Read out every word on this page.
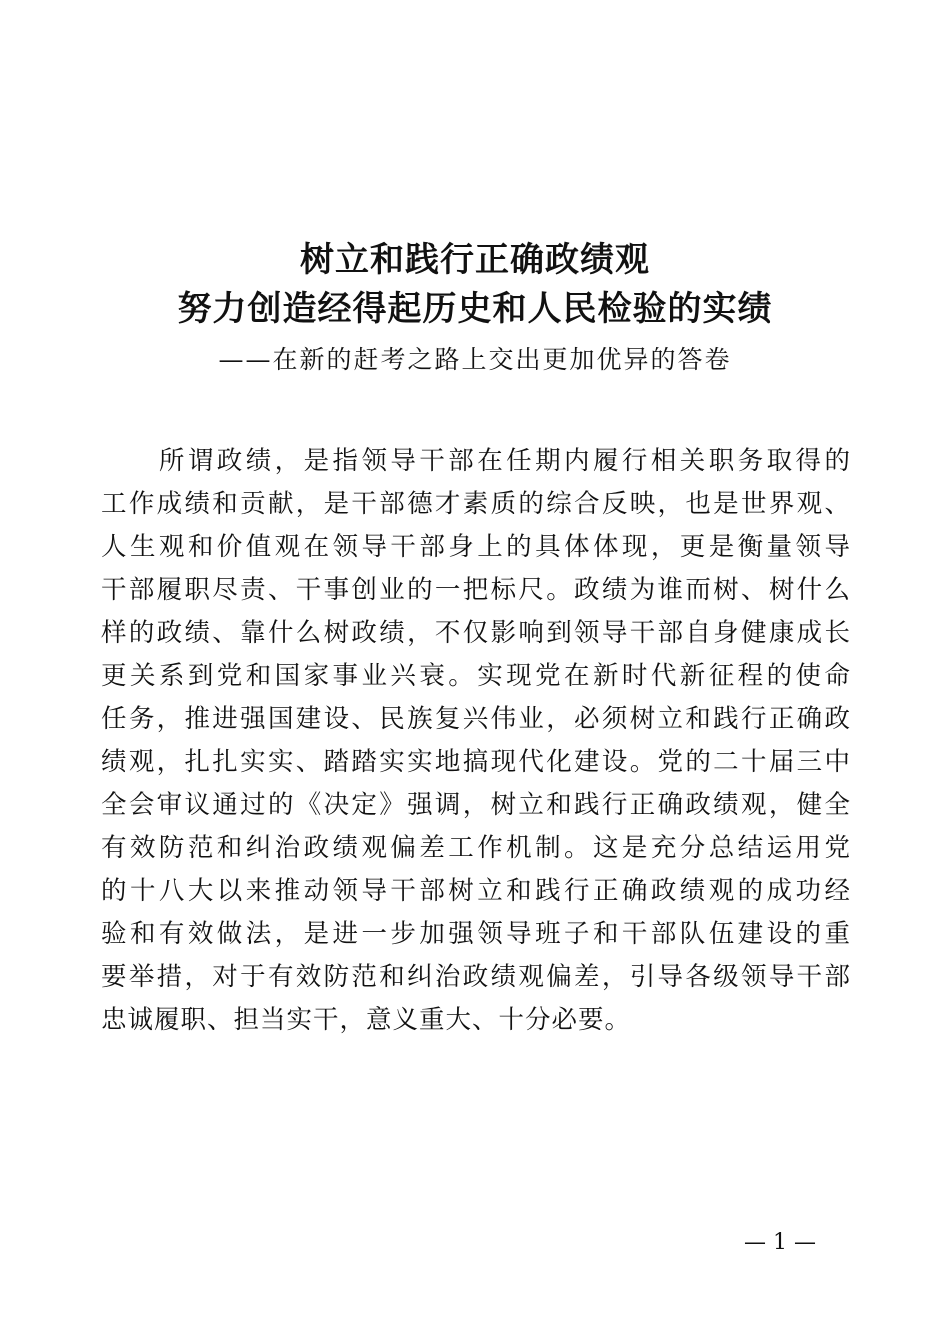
树立和践行正确政绩观
努力创造经得起历史和人民检验的实绩
——在新的赶考之路上交出更加优异的答卷
　　所谓政绩，是指领导干部在任期内履行相关职务取得的
工作成绩和贡献，是干部德才素质的综合反映，也是世界观、
人生观和价值观在领导干部身上的具体体现，更是衡量领导
干部履职尽责、干事创业的一把标尺。政绩为谁而树、树什么
样的政绩、靠什么树政绩，不仅影响到领导干部自身健康成长
更关系到党和国家事业兴衰。实现党在新时代新征程的使命
任务，推进强国建设、民族复兴伟业，必须树立和践行正确政
绩观，扎扎实实、踏踏实实地搞现代化建设。党的二十届三中
全会审议通过的《决定》强调，树立和践行正确政绩观，健全
有效防范和纠治政绩观偏差工作机制。这是充分总结运用党
的十八大以来推动领导干部树立和践行正确政绩观的成功经
验和有效做法，是进一步加强领导班子和干部队伍建设的重
要举措，对于有效防范和纠治政绩观偏差，引导各级领导干部
忠诚履职、担当实干，意义重大、十分必要。
— 1 —
